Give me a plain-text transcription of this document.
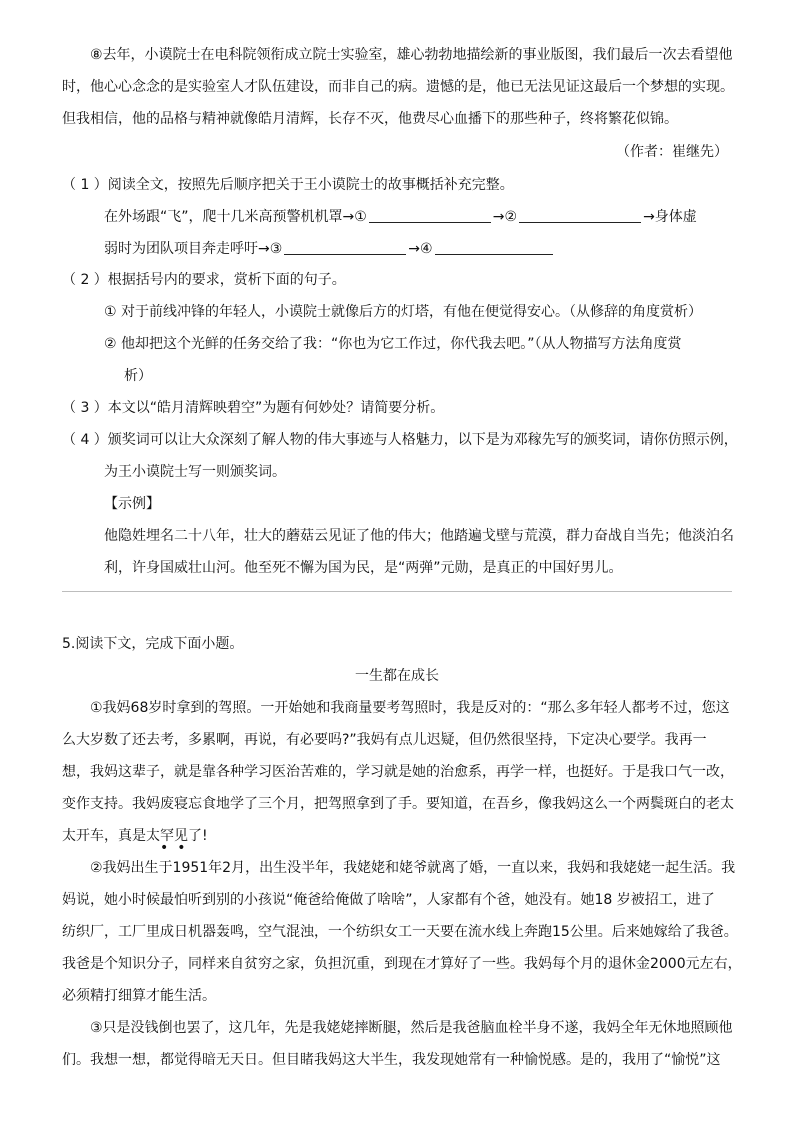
⑧去年，小谟院士在电科院领衔成立院士实验室，雄心勃勃地描绘新的事业版图，我们最后一次去看望他
时，他心心念念的是实验室人才队伍建设，而非自己的病。遗憾的是，他已无法见证这最后一个梦想的实现。
但我相信，他的品格与精神就像皓月清辉，长存不灭，他费尽心血播下的那些种子，终将繁花似锦。
（作者：崔继先）
（ 1 ）阅读全文，按照先后顺序把关于王小谟院士的故事概括补充完整。
在外场跟“飞”，爬十几米高预警机机罩→①	→②	→身体虚
弱时为团队项目奔走呼吁→③	→④
（ 2 ）根据括号内的要求，赏析下面的句子。
① 对于前线冲锋的年轻人，小谟院士就像后方的灯塔，有他在便觉得安心。（从修辞的角度赏析）
② 他却把这个光鲜的任务交给了我：“你也为它工作过，你代我去吧。”（从人物描写方法角度赏
析）
（ 3 ）本文以“皓月清辉映碧空”为题有何妙处？请简要分析。
（ 4 ）颁奖词可以让大众深刻了解人物的伟大事迹与人格魅力，以下是为邓稼先写的颁奖词，请你仿照示例，
为王小谟院士写一则颁奖词。
【示例】
他隐姓埋名二十八年，壮大的蘑菇云见证了他的伟大；他踏遍戈壁与荒漠，群力奋战自当先；他淡泊名
利，许身国威壮山河。他至死不懈为国为民，是“两弹”元勋，是真正的中国好男儿。
5.阅读下文，完成下面小题。
一生都在成长
①我妈68岁时拿到的驾照。一开始她和我商量要考驾照时，我是反对的：“那么多年轻人都考不过，您这
么大岁数了还去考，多累啊，再说，有必要吗?”我妈有点儿迟疑，但仍然很坚持，下定决心要学。我再一
想，我妈这辈子，就是靠各种学习医治苦难的，学习就是她的治愈系，再学一样，也挺好。于是我口气一改，
变作支持。我妈废寝忘食地学了三个月，把驾照拿到了手。要知道，在吾乡，像我妈这么一个两鬓斑白的老太
太开车，真是太罕见了!
••
②我妈出生于1951年2月，出生没半年，我姥姥和姥爷就离了婚，一直以来，我妈和我姥姥一起生活。我
妈说，她小时候最怕听到别的小孩说“俺爸给俺做了啥啥”，人家都有个爸，她没有。她18 岁被招工，进了
纺织厂，工厂里成日机器轰鸣，空气混浊，一个纺织女工一天要在流水线上奔跑15公里。后来她嫁给了我爸。
我爸是个知识分子，同样来自贫穷之家，负担沉重，到现在才算好了一些。我妈每个月的退休金2000元左右，
必须精打细算才能生活。
③只是没钱倒也罢了，这几年，先是我姥姥摔断腿，然后是我爸脑血栓半身不遂，我妈全年无休地照顾他
们。我想一想，都觉得暗无天日。但目睹我妈这大半生，我发现她常有一种愉悦感。是的，我用了“愉悦”这
